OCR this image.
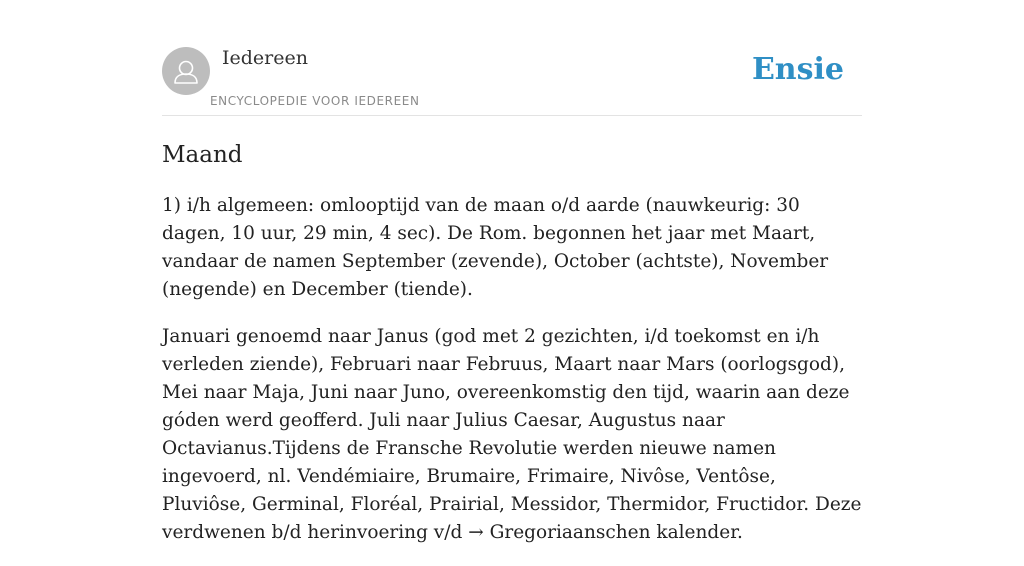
Iedereen
ENCYCLOPEDIE VOOR IEDEREEN
Ensie
Maand

1) i/h algemeen: omlooptijd van de maan o/d aarde (nauwkeurig: 30 dagen, 10 uur, 29 min, 4 sec). De Rom. begonnen het jaar met Maart, vandaar de namen September (zevende), October (achtste), November (negende) en December (tiende).

Januari genoemd naar Janus (god met 2 gezichten, i/d toekomst en i/h verleden ziende), Februari naar Februus, Maart naar Mars (oorlogsgod), Mei naar Maja, Juni naar Juno, overeenkomstig den tijd, waarin aan deze góden werd geofferd. Juli naar Julius Caesar, Augustus naar Octavianus.Tijdens de Fransche Revolutie werden nieuwe namen ingevoerd, nl. Vendémiaire, Brumaire, Frimaire, Nivôse, Ventôse, Pluviôse, Germinal, Floréal, Prairial, Messidor, Thermidor, Fructidor. Deze verdwenen b/d herinvoering v/d → Gregoriaanschen kalender.
